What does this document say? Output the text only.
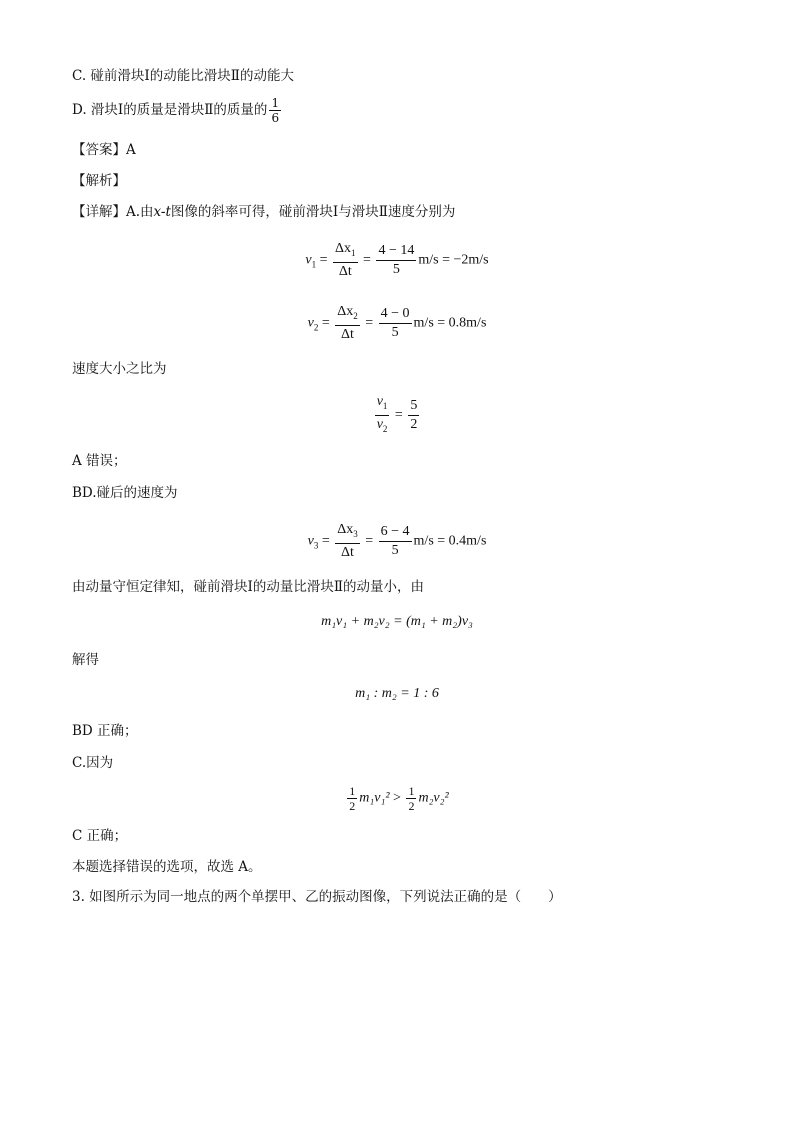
C. 碰前滑块Ⅰ的动能比滑块Ⅱ的动能大
D. 滑块Ⅰ的质量是滑块Ⅱ的质量的 $\frac{1}{6}$
【答案】A
【解析】
【详解】A.由x-t图像的斜率可得，碰前滑块Ⅰ与滑块Ⅱ速度分别为
$v_1 = \frac{\Delta x_1}{\Delta t} = \frac{4 - 14}{5} m/s = -2m/s$
$v_2 = \frac{\Delta x_2}{\Delta t} = \frac{4 - 0}{5} m/s = 0.8m/s$
速度大小之比为
$\frac{v_1}{v_2} = \frac{5}{2}$
A 错误；
BD.碰后的速度为
$v_3 = \frac{\Delta x_3}{\Delta t} = \frac{6 - 4}{5} m/s = 0.4m/s$
由动量守恒定律知，碰前滑块Ⅰ的动量比滑块Ⅱ的动量小，由
m₁v₁ + m₂v₂ = (m₁ + m₂)v₃
解得
m₁ : m₂ = 1 : 6
BD 正确；
C.因为
$\frac{1}{2} m_1v_1^2 > \frac{1}{2} m_2v_2^2$
C 正确；
本题选择错误的选项，故选 A。
3. 如图所示为同一地点的两个单摆甲、乙的振动图像，下列说法正确的是（　　）
